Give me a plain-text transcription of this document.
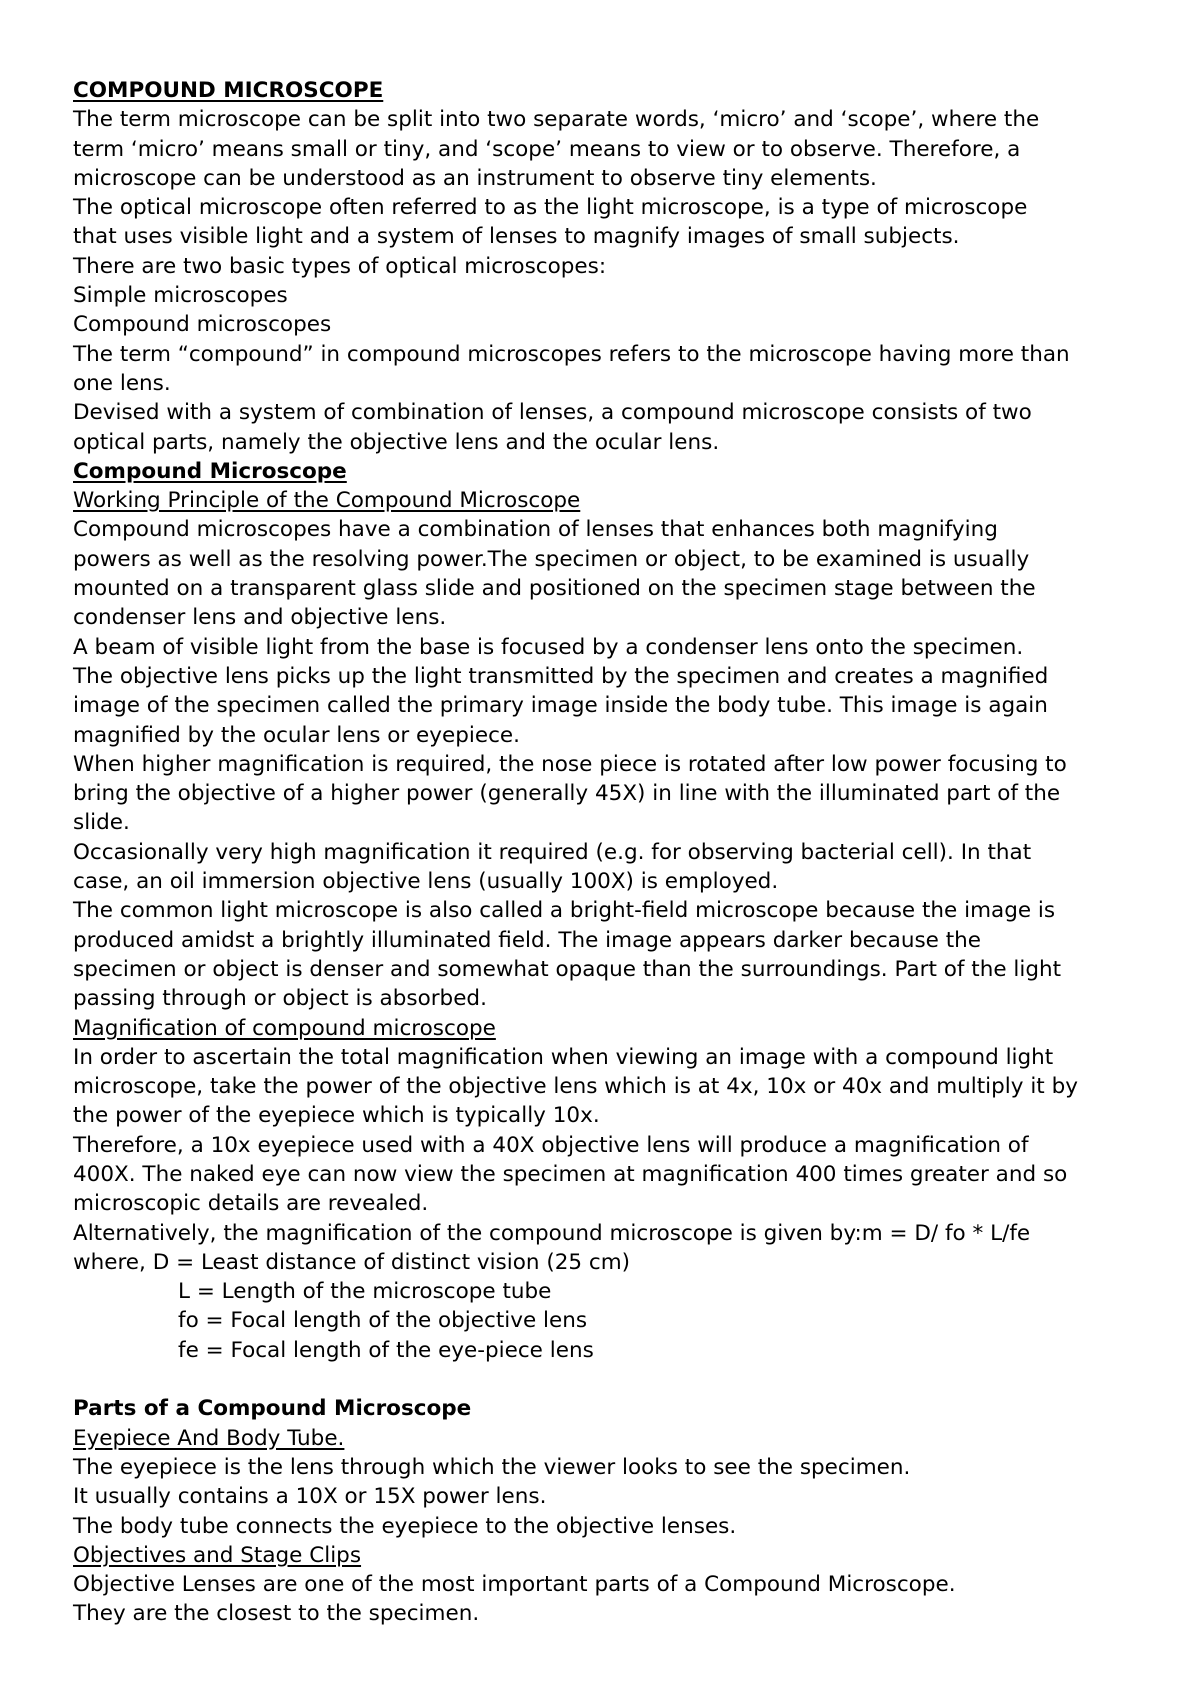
COMPOUND MICROSCOPE
The term microscope can be split into two separate words, ‘micro’ and ‘scope’, where the
term ‘micro’ means small or tiny, and ‘scope’ means to view or to observe. Therefore, a
microscope can be understood as an instrument to observe tiny elements.
The optical microscope often referred to as the light microscope, is a type of microscope
that uses visible light and a system of lenses to magnify images of small subjects.
There are two basic types of optical microscopes:
Simple microscopes
Compound microscopes
The term “compound” in compound microscopes refers to the microscope having more than
one lens.
Devised with a system of combination of lenses, a compound microscope consists of two
optical parts, namely the objective lens and the ocular lens.
Compound Microscope
Working Principle of the Compound Microscope
Compound microscopes have a combination of lenses that enhances both magnifying
powers as well as the resolving power.The specimen or object, to be examined is usually
mounted on a transparent glass slide and positioned on the specimen stage between the
condenser lens and objective lens.
A beam of visible light from the base is focused by a condenser lens onto the specimen.
The objective lens picks up the light transmitted by the specimen and creates a magnified
image of the specimen called the primary image inside the body tube. This image is again
magnified by the ocular lens or eyepiece.
When higher magnification is required, the nose piece is rotated after low power focusing to
bring the objective of a higher power (generally 45X) in line with the illuminated part of the
slide.
Occasionally very high magnification it required (e.g. for observing bacterial cell). In that
case, an oil immersion objective lens (usually 100X) is employed.
The common light microscope is also called a bright-field microscope because the image is
produced amidst a brightly illuminated field. The image appears darker because the
specimen or object is denser and somewhat opaque than the surroundings. Part of the light
passing through or object is absorbed.
Magnification of compound microscope
In order to ascertain the total magnification when viewing an image with a compound light
microscope, take the power of the objective lens which is at 4x, 10x or 40x and multiply it by
the power of the eyepiece which is typically 10x.
Therefore, a 10x eyepiece used with a 40X objective lens will produce a magnification of
400X. The naked eye can now view the specimen at magnification 400 times greater and so
microscopic details are revealed.
Alternatively, the magnification of the compound microscope is given by:m = D/ fo * L/fe
where, D = Least distance of distinct vision (25 cm)
L = Length of the microscope tube
fo = Focal length of the objective lens
fe = Focal length of the eye-piece lens
Parts of a Compound Microscope
Eyepiece And Body Tube.
The eyepiece is the lens through which the viewer looks to see the specimen.
It usually contains a 10X or 15X power lens.
The body tube connects the eyepiece to the objective lenses.
Objectives and Stage Clips
Objective Lenses are one of the most important parts of a Compound Microscope.
They are the closest to the specimen.
